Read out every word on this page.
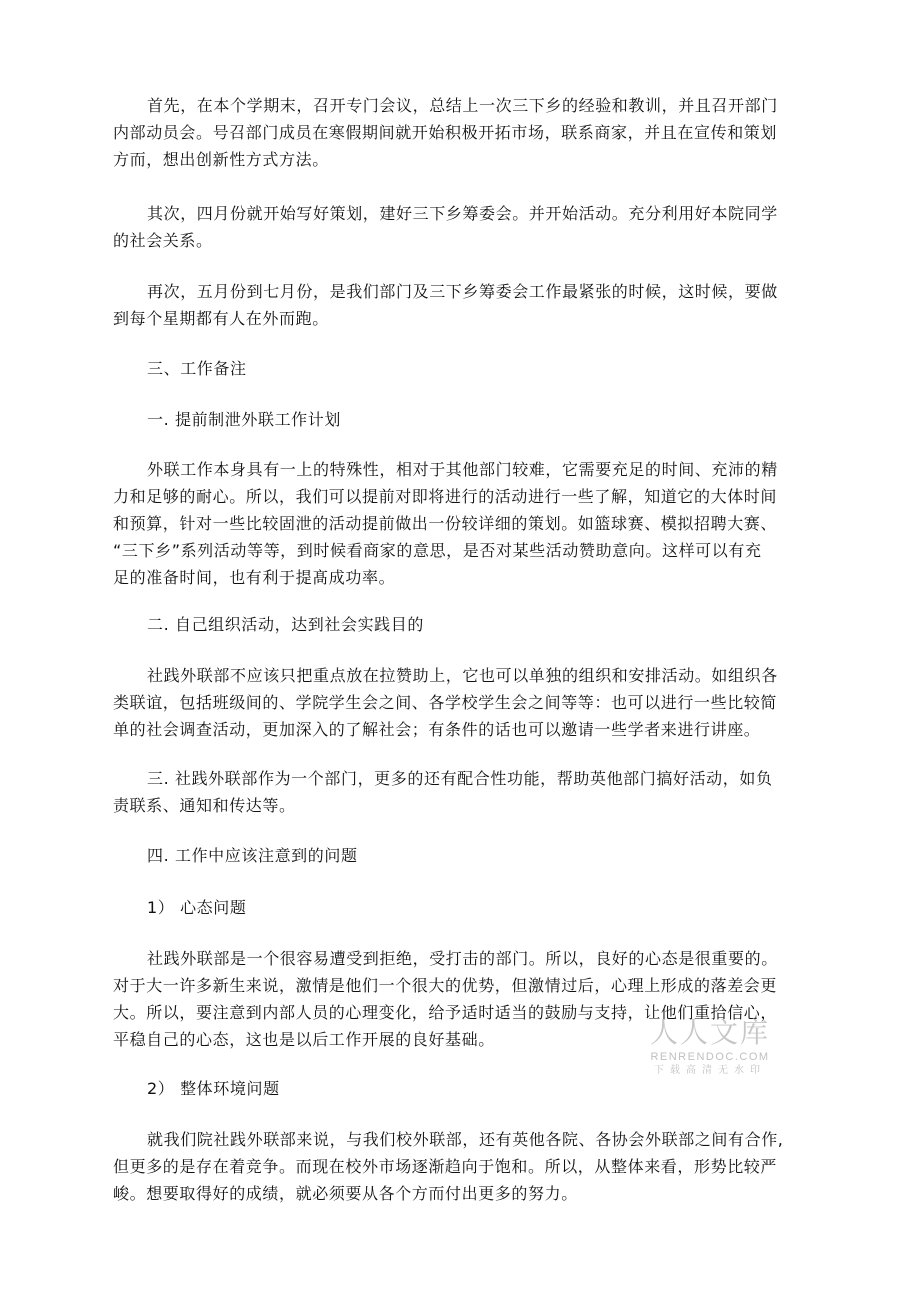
首先，在本个学期末，召开专门会议，总结上一次三下乡的经验和教训，并且召开部门
内部动员会。号召部门成员在寒假期间就开始积极开拓市场，联系商家，并且在宣传和策划
方而，想出创新性方式方法。
其次，四月份就开始写好策划，建好三下乡筹委会。并开始活动。充分利用好本院同学
的社会关系。
再次，五月份到七月份，是我们部门及三下乡筹委会工作最紧张的时候，这时候，要做
到每个星期都有人在外而跑。
三、工作备注
一. 提前制泄外联工作计划
外联工作本身具有一上的特殊性，相对于其他部门较难，它需要充足的时间、充沛的精
力和足够的耐心。所以，我们可以提前对即将进行的活动进行一些了解，知道它的大体时间
和预算，针对一些比较固泄的活动提前做出一份较详细的策划。如篮球赛、模拟招聘大赛、
“三下乡”系列活动等等，到时候看商家的意思，是否对某些活动赞助意向。这样可以有充
足的准备时间，也有利于提髙成功率。
二. 自己组织活动，达到社会实践目的
社践外联部不应该只把重点放在拉赞助上，它也可以单独的组织和安排活动。如组织各
类联谊，包括班级间的、学院学生会之间、各学校学生会之间等等：也可以进行一些比较简
单的社会调查活动，更加深入的了解社会；有条件的话也可以邀请一些学者来进行讲座。
三. 社践外联部作为一个部门，更多的还有配合性功能，帮助英他部门搞好活动，如负
责联系、通知和传达等。
四. 工作中应该注意到的问题
1） 心态问题
社践外联部是一个很容易遭受到拒绝，受打击的部门。所以，良好的心态是很重要的。
对于大一许多新生来说，激情是他们一个很大的优势，但激情过后，心理上形成的落差会更
大。所以，要注意到内部人员的心理变化，给予适时适当的鼓励与支持，让他们重拾信心，
平稳自己的心态，这也是以后工作开展的良好基础。
2） 整体环境问题
就我们院社践外联部来说，与我们校外联部，还有英他各院、各协会外联部之间有合作,
但更多的是存在着竞争。而现在校外市场逐渐趋向于饱和。所以，从整体来看，形势比较严
峻。想要取得好的成绩，就必须要从各个方而付出更多的努力。
人人文库
RENRENDOC.COM
下载高清无水印
